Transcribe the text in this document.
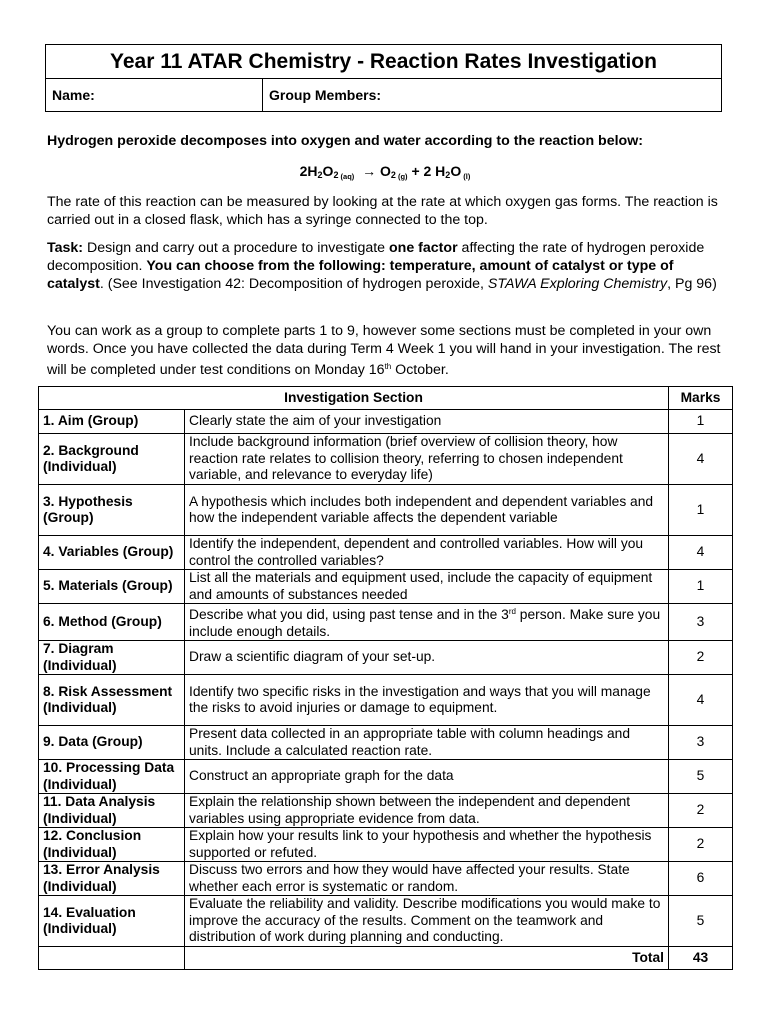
Year 11 ATAR Chemistry - Reaction Rates Investigation
Name:	Group Members:

Hydrogen peroxide decomposes into oxygen and water according to the reaction below:

$2H_2O_2$ $_{(aq)} \to O_2$ $_{(g)}$ + 2 $H_2O$ $_{(l)}$

The rate of this reaction can be measured by looking at the rate at which oxygen gas forms. The reaction is carried out in a closed flask, which has a syringe connected to the top.

Task: Design and carry out a procedure to investigate one factor affecting the rate of hydrogen peroxide decomposition. You can choose from the following: temperature, amount of catalyst or type of catalyst. (See Investigation 42: Decomposition of hydrogen peroxide, STAWA Exploring Chemistry, Pg 96)

You can work as a group to complete parts 1 to 9, however some sections must be completed in your own words. Once you have collected the data during Term 4 Week 1 you will hand in your investigation. The rest will be completed under test conditions on Monday 16th October.

Investigation Section		Marks
1. Aim (Group)	Clearly state the aim of your investigation	1
2. Background (Individual)	Include background information (brief overview of collision theory, how reaction rate relates to collision theory, referring to chosen independent variable, and relevance to everyday life)	4
3. Hypothesis (Group)	A hypothesis which includes both independent and dependent variables and how the independent variable affects the dependent variable	1
4. Variables (Group)	Identify the independent, dependent and controlled variables. How will you control the controlled variables?	4
5. Materials (Group)	List all the materials and equipment used, include the capacity of equipment and amounts of substances needed	1
6. Method (Group)	Describe what you did, using past tense and in the 3rd person. Make sure you include enough details.	3
7. Diagram (Individual)	Draw a scientific diagram of your set-up.	2
8. Risk Assessment (Individual)	Identify two specific risks in the investigation and ways that you will manage the risks to avoid injuries or damage to equipment.	4
9. Data (Group)	Present data collected in an appropriate table with column headings and units. Include a calculated reaction rate.	3
10. Processing Data (Individual)	Construct an appropriate graph for the data	5
11. Data Analysis (Individual)	Explain the relationship shown between the independent and dependent variables using appropriate evidence from data.	2
12. Conclusion (Individual)	Explain how your results link to your hypothesis and whether the hypothesis supported or refuted.	2
13. Error Analysis (Individual)	Discuss two errors and how they would have affected your results. State whether each error is systematic or random.	6
14. Evaluation (Individual)	Evaluate the reliability and validity. Describe modifications you would make to improve the accuracy of the results. Comment on the teamwork and distribution of work during planning and conducting.	5
	Total	43
